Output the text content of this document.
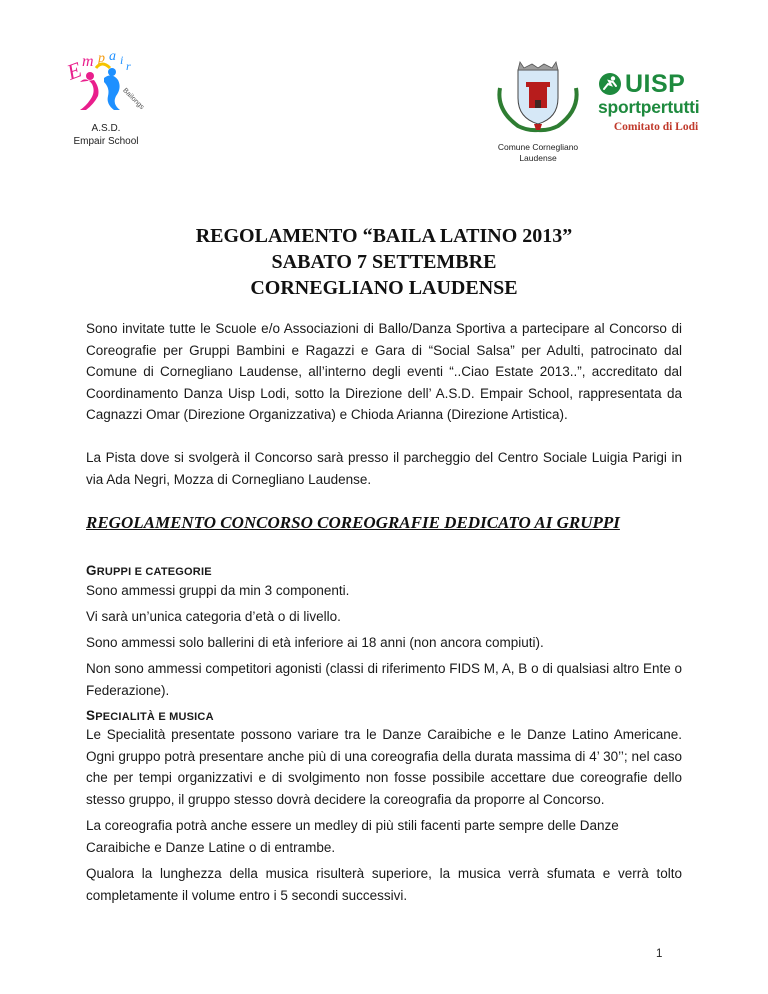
E
m p a i r
Bailongs
A.S.D.
Empair School	Comune Cornegliano
Laudense
UISP
sportpertutti
Comitato di Lodi
REGOLAMENTO “BAILA LATINO 2013”
SABATO 7 SETTEMBRE
CORNEGLIANO LAUDENSE
Sono invitate tutte le Scuole e/o Associazioni di Ballo/Danza Sportiva a partecipare al Concorso di Coreografie per Gruppi Bambini e Ragazzi e Gara di “Social Salsa” per Adulti, patrocinato dal Comune di Cornegliano Laudense, all’interno degli eventi “..Ciao Estate 2013..”, accreditato dal Coordinamento Danza Uisp Lodi, sotto la Direzione dell’ A.S.D. Empair School, rappresentata da Cagnazzi Omar (Direzione Organizzativa) e Chioda Arianna (Direzione Artistica).
La Pista dove si svolgerà il Concorso sarà presso il parcheggio del Centro Sociale Luigia Parigi in via Ada Negri, Mozza di Cornegliano Laudense.
REGOLAMENTO CONCORSO COREOGRAFIE DEDICATO AI GRUPPI
GRUPPI E CATEGORIE
Sono ammessi gruppi da min 3 componenti.
Vi sarà un’unica categoria d’età o di livello.
Sono ammessi solo ballerini di età inferiore ai 18 anni (non ancora compiuti).
Non sono ammessi competitori agonisti (classi di riferimento FIDS M, A, B o di qualsiasi altro Ente o Federazione).
SPECIALITÀ E MUSICA
Le Specialità presentate possono variare tra le Danze Caraibiche e le Danze Latino Americane. Ogni gruppo potrà presentare anche più di una coreografia della durata massima di 4’ 30’’; nel caso che per tempi organizzativi e di svolgimento non fosse possibile accettare due coreografie dello stesso gruppo, il gruppo stesso dovrà decidere la coreografia da proporre al Concorso.
La coreografia potrà anche essere un medley di più stili facenti parte sempre delle Danze Caraibiche e Danze Latine o di entrambe.
Qualora la lunghezza della musica risulterà superiore, la musica verrà sfumata e verrà tolto completamente il volume entro i 5 secondi successivi.
1
